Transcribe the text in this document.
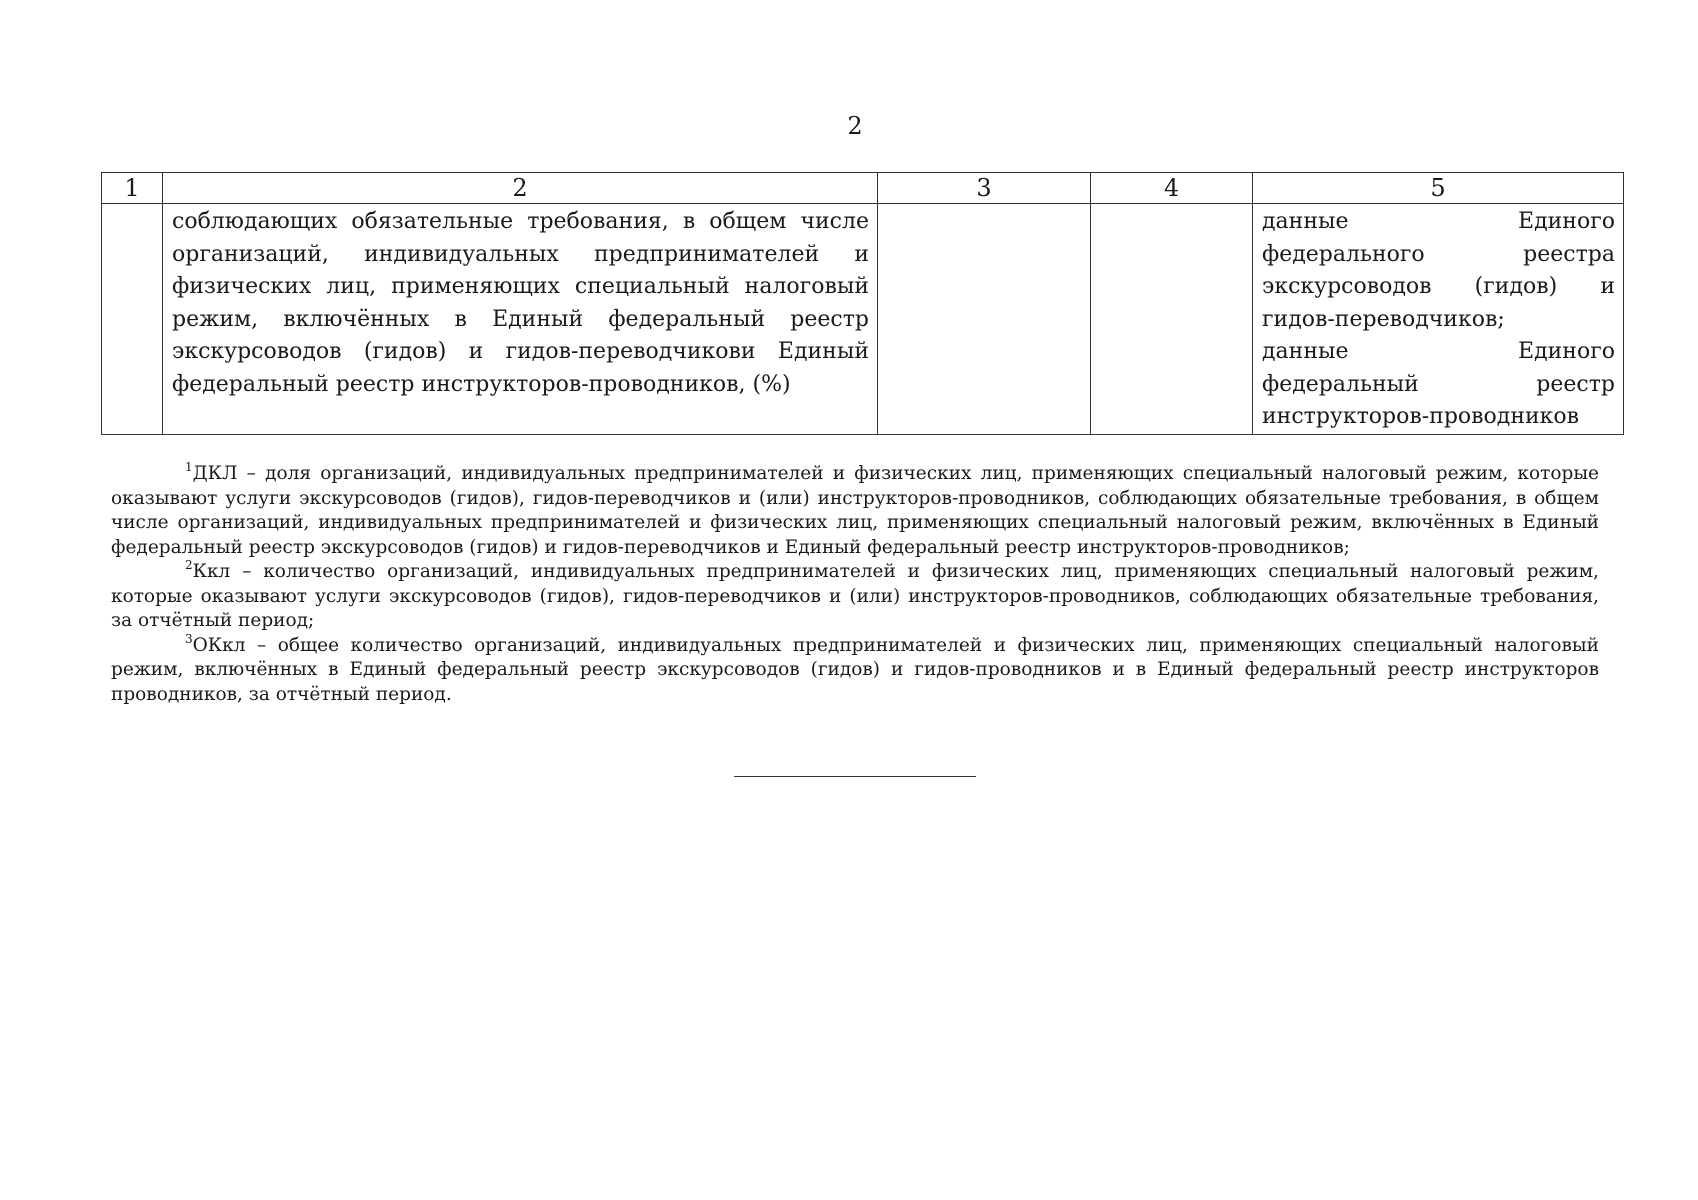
2
1	2	3	4	5

	соблюдающих обязательные требования, в общем числе организаций, индивидуальных предпринимателей и физических лиц, применяющих специальный налоговый режим, включённых в Единый федеральный реестр экскурсоводов (гидов) и гидов-переводчикови Единый федеральный реестр инструкторов-проводников, (%)			данные Единого федерального реестра экскурсоводов (гидов) и гидов-переводчиков;
данные Единого федеральный реестр инструкторов-проводников

$^1$ДКЛ – доля организаций, индивидуальных предпринимателей и физических лиц, применяющих специальный налоговый режим, которые оказывают услуги экскурсоводов (гидов), гидов-переводчиков и (или) инструкторов-проводников, соблюдающих обязательные требования, в общем числе организаций, индивидуальных предпринимателей и физических лиц, применяющих специальный налоговый режим, включённых в Единый федеральный реестр экскурсоводов (гидов) и гидов-переводчиков и Единый федеральный реестр инструкторов-проводников;

$^2$Ккл – количество организаций, индивидуальных предпринимателей и физических лиц, применяющих специальный налоговый режим, которые оказывают услуги экскурсоводов (гидов), гидов-переводчиков и (или) инструкторов-проводников, соблюдающих обязательные требования, за отчётный период;

$^3$ОКкл – общее количество организаций, индивидуальных предпринимателей и физических лиц, применяющих специальный налоговый режим, включённых в Единый федеральный реестр экскурсоводов (гидов) и гидов-проводников и в Единый федеральный реестр инструкторов проводников, за отчётный период.
